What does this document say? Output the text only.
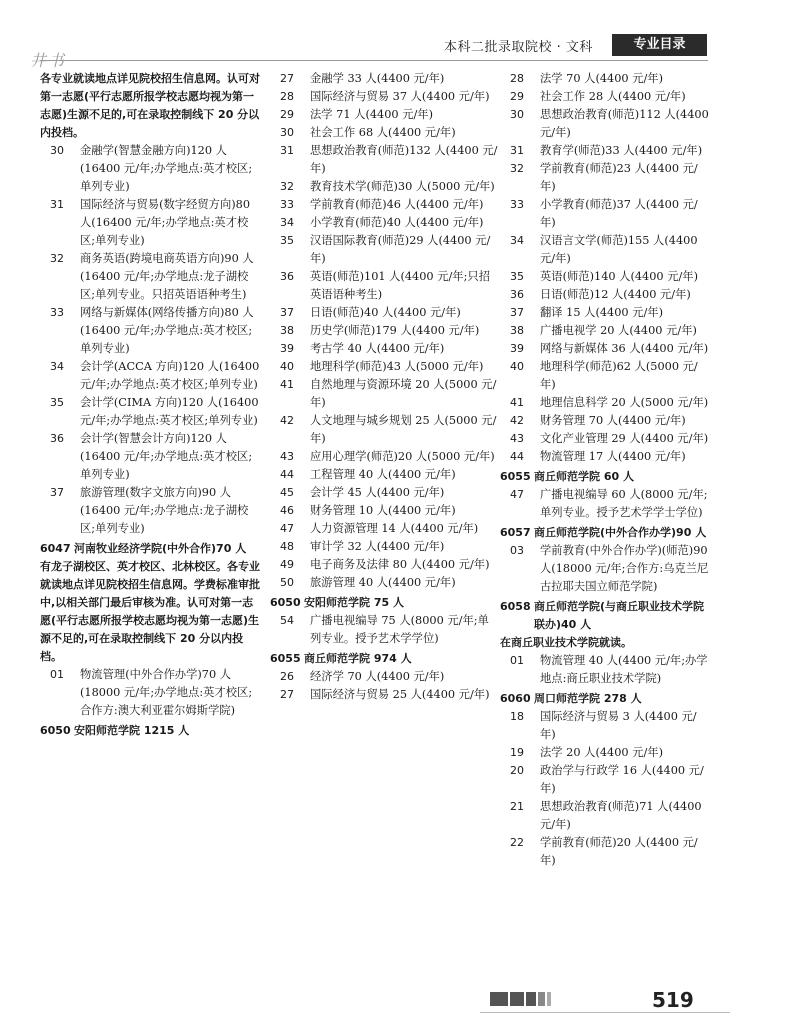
井书
本科二批录取院校 · 文科	专业目录
各专业就读地点详见院校招生信息网。认可对第一志愿(平行志愿所报学校志愿均视为第一志愿)生源不足的,可在录取控制线下 20 分以内投档。
30 金融学(智慧金融方向)120 人(16400 元/年;办学地点:英才校区;单列专业)
31 国际经济与贸易(数字经贸方向)80 人(16400 元/年;办学地点:英才校区;单列专业)
32 商务英语(跨境电商英语方向)90 人(16400 元/年;办学地点:龙子湖校区;单列专业。只招英语语种考生)
33 网络与新媒体(网络传播方向)80 人(16400 元/年;办学地点:英才校区;单列专业)
34 会计学(ACCA 方向)120 人(16400 元/年;办学地点:英才校区;单列专业)
35 会计学(CIMA 方向)120 人(16400 元/年;办学地点:英才校区;单列专业)
36 会计学(智慧会计方向)120 人(16400 元/年;办学地点:英才校区;单列专业)
37 旅游管理(数字文旅方向)90 人(16400 元/年;办学地点:龙子湖校区;单列专业)
6047 河南牧业经济学院(中外合作)70 人
有龙子湖校区、英才校区、北林校区。各专业就读地点详见院校招生信息网。学费标准审批中,以相关部门最后审核为准。认可对第一志愿(平行志愿所报学校志愿均视为第一志愿)生源不足的,可在录取控制线下 20 分以内投档。
01 物流管理(中外合作办学)70 人(18000 元/年;办学地点:英才校区;合作方:澳大利亚霍尔姆斯学院)
6050 安阳师范学院 1215 人
27 金融学 33 人(4400 元/年)
28 国际经济与贸易 37 人(4400 元/年)
29 法学 71 人(4400 元/年)
30 社会工作 68 人(4400 元/年)
31 思想政治教育(师范)132 人(4400 元/年)
32 教育技术学(师范)30 人(5000 元/年)
33 学前教育(师范)46 人(4400 元/年)
34 小学教育(师范)40 人(4400 元/年)
35 汉语国际教育(师范)29 人(4400 元/年)
36 英语(师范)101 人(4400 元/年;只招英语语种考生)
37 日语(师范)40 人(4400 元/年)
38 历史学(师范)179 人(4400 元/年)
39 考古学 40 人(4400 元/年)
40 地理科学(师范)43 人(5000 元/年)
41 自然地理与资源环境 20 人(5000 元/年)
42 人文地理与城乡规划 25 人(5000 元/年)
43 应用心理学(师范)20 人(5000 元/年)
44 工程管理 40 人(4400 元/年)
45 会计学 45 人(4400 元/年)
46 财务管理 10 人(4400 元/年)
47 人力资源管理 14 人(4400 元/年)
48 审计学 32 人(4400 元/年)
49 电子商务及法律 80 人(4400 元/年)
50 旅游管理 40 人(4400 元/年)
6050 安阳师范学院 75 人
54 广播电视编导 75 人(8000 元/年;单列专业。授予艺术学学位)
6055 商丘师范学院 974 人
26 经济学 70 人(4400 元/年)
27 国际经济与贸易 25 人(4400 元/年)
28 法学 70 人(4400 元/年)
29 社会工作 28 人(4400 元/年)
30 思想政治教育(师范)112 人(4400 元/年)
31 教育学(师范)33 人(4400 元/年)
32 学前教育(师范)23 人(4400 元/年)
33 小学教育(师范)37 人(4400 元/年)
34 汉语言文学(师范)155 人(4400 元/年)
35 英语(师范)140 人(4400 元/年)
36 日语(师范)12 人(4400 元/年)
37 翻译 15 人(4400 元/年)
38 广播电视学 20 人(4400 元/年)
39 网络与新媒体 36 人(4400 元/年)
40 地理科学(师范)62 人(5000 元/年)
41 地理信息科学 20 人(5000 元/年)
42 财务管理 70 人(4400 元/年)
43 文化产业管理 29 人(4400 元/年)
44 物流管理 17 人(4400 元/年)
6055 商丘师范学院 60 人
47 广播电视编导 60 人(8000 元/年;单列专业。授予艺术学学士学位)
6057 商丘师范学院(中外合作办学)90 人
03 学前教育(中外合作办学)(师范)90 人(18000 元/年;合作方:乌克兰尼古拉耶夫国立师范学院)
6058 商丘师范学院(与商丘职业技术学院联办)40 人
在商丘职业技术学院就读。
01 物流管理 40 人(4400 元/年;办学地点:商丘职业技术学院)
6060 周口师范学院 278 人
18 国际经济与贸易 3 人(4400 元/年)
19 法学 20 人(4400 元/年)
20 政治学与行政学 16 人(4400 元/年)
21 思想政治教育(师范)71 人(4400 元/年)
22 学前教育(师范)20 人(4400 元/年)
519
